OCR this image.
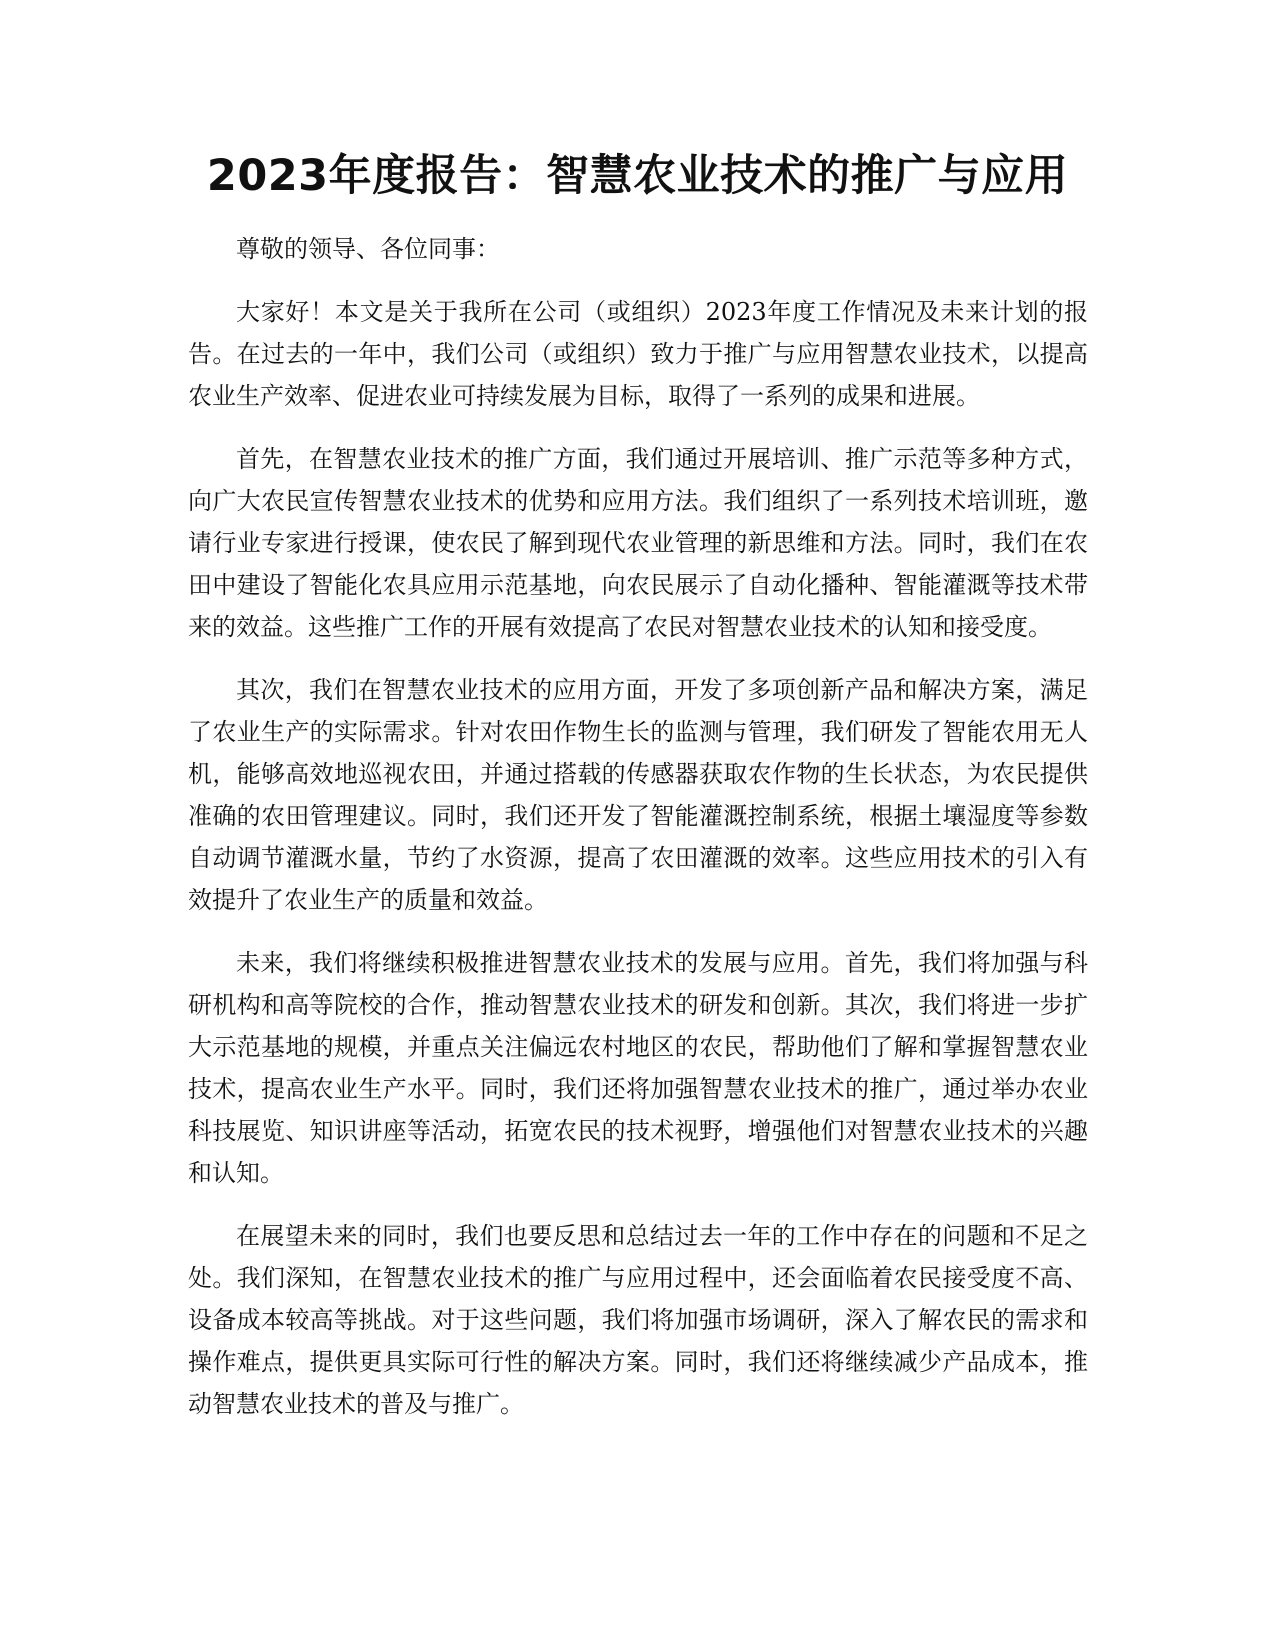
2023年度报告：智慧农业技术的推广与应用

尊敬的领导、各位同事：

大家好！本文是关于我所在公司（或组织）2023年度工作情况及未来计划的报告。在过去的一年中，我们公司（或组织）致力于推广与应用智慧农业技术，以提高农业生产效率、促进农业可持续发展为目标，取得了一系列的成果和进展。

首先，在智慧农业技术的推广方面，我们通过开展培训、推广示范等多种方式，向广大农民宣传智慧农业技术的优势和应用方法。我们组织了一系列技术培训班，邀请行业专家进行授课，使农民了解到现代农业管理的新思维和方法。同时，我们在农田中建设了智能化农具应用示范基地，向农民展示了自动化播种、智能灌溉等技术带来的效益。这些推广工作的开展有效提高了农民对智慧农业技术的认知和接受度。

其次，我们在智慧农业技术的应用方面，开发了多项创新产品和解决方案，满足了农业生产的实际需求。针对农田作物生长的监测与管理，我们研发了智能农用无人机，能够高效地巡视农田，并通过搭载的传感器获取农作物的生长状态，为农民提供准确的农田管理建议。同时，我们还开发了智能灌溉控制系统，根据土壤湿度等参数自动调节灌溉水量，节约了水资源，提高了农田灌溉的效率。这些应用技术的引入有效提升了农业生产的质量和效益。

未来，我们将继续积极推进智慧农业技术的发展与应用。首先，我们将加强与科研机构和高等院校的合作，推动智慧农业技术的研发和创新。其次，我们将进一步扩大示范基地的规模，并重点关注偏远农村地区的农民，帮助他们了解和掌握智慧农业技术，提高农业生产水平。同时，我们还将加强智慧农业技术的推广，通过举办农业科技展览、知识讲座等活动，拓宽农民的技术视野，增强他们对智慧农业技术的兴趣和认知。

在展望未来的同时，我们也要反思和总结过去一年的工作中存在的问题和不足之处。我们深知，在智慧农业技术的推广与应用过程中，还会面临着农民接受度不高、设备成本较高等挑战。对于这些问题，我们将加强市场调研，深入了解农民的需求和操作难点，提供更具实际可行性的解决方案。同时，我们还将继续减少产品成本，推动智慧农业技术的普及与推广。
